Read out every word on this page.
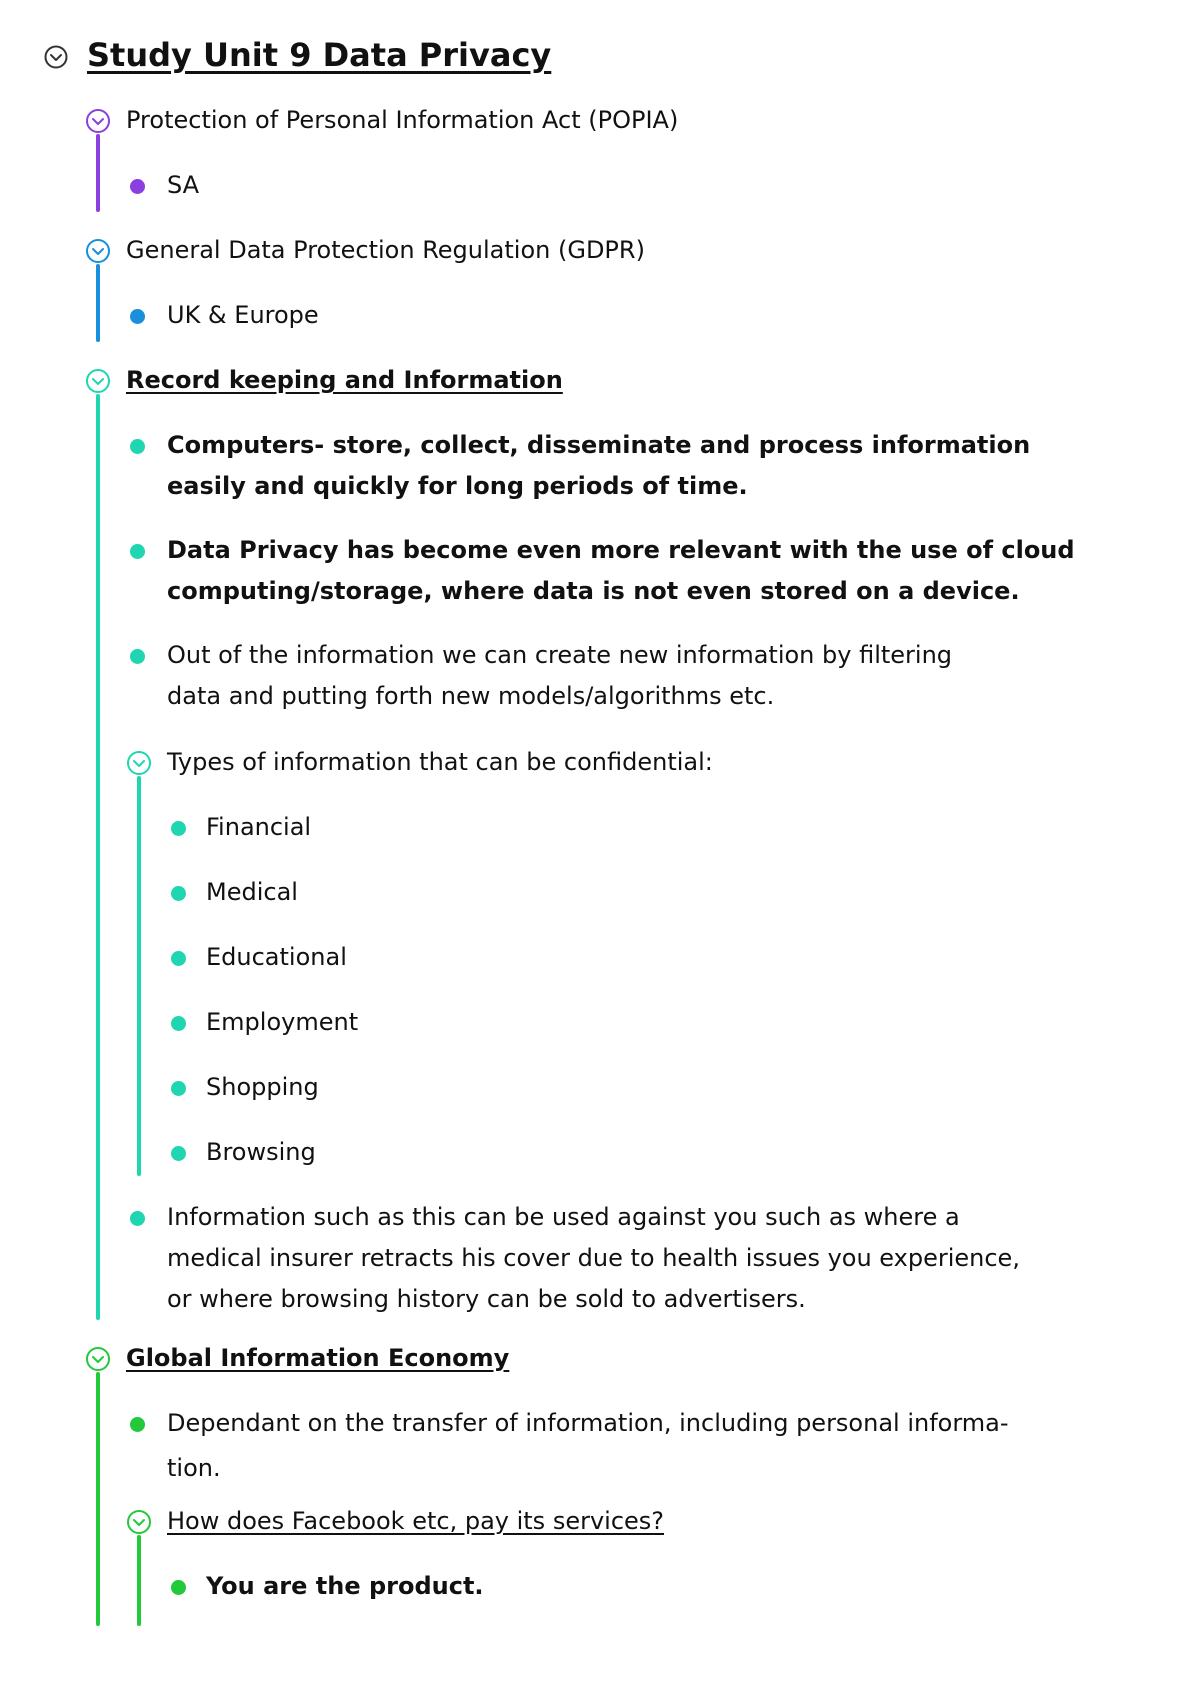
Study Unit 9 Data Privacy
Protection of Personal Information Act (POPIA)
SA
General Data Protection Regulation (GDPR)
UK & Europe
Record keeping and Information
Computers- store, collect, disseminate and process information
easily and quickly for long periods of time.
Data Privacy has become even more relevant with the use of cloud
computing/storage, where data is not even stored on a device.
Out of the information we can create new information by filtering
data and putting forth new models/algorithms etc.
Types of information that can be confidential:
Financial
Medical
Educational
Employment
Shopping
Browsing
Information such as this can be used against you such as where a
medical insurer retracts his cover due to health issues you experience,
or where browsing history can be sold to advertisers.
Global Information Economy
Dependant on the transfer of information, including personal informa-
tion.
How does Facebook etc, pay its services?
You are the product.
